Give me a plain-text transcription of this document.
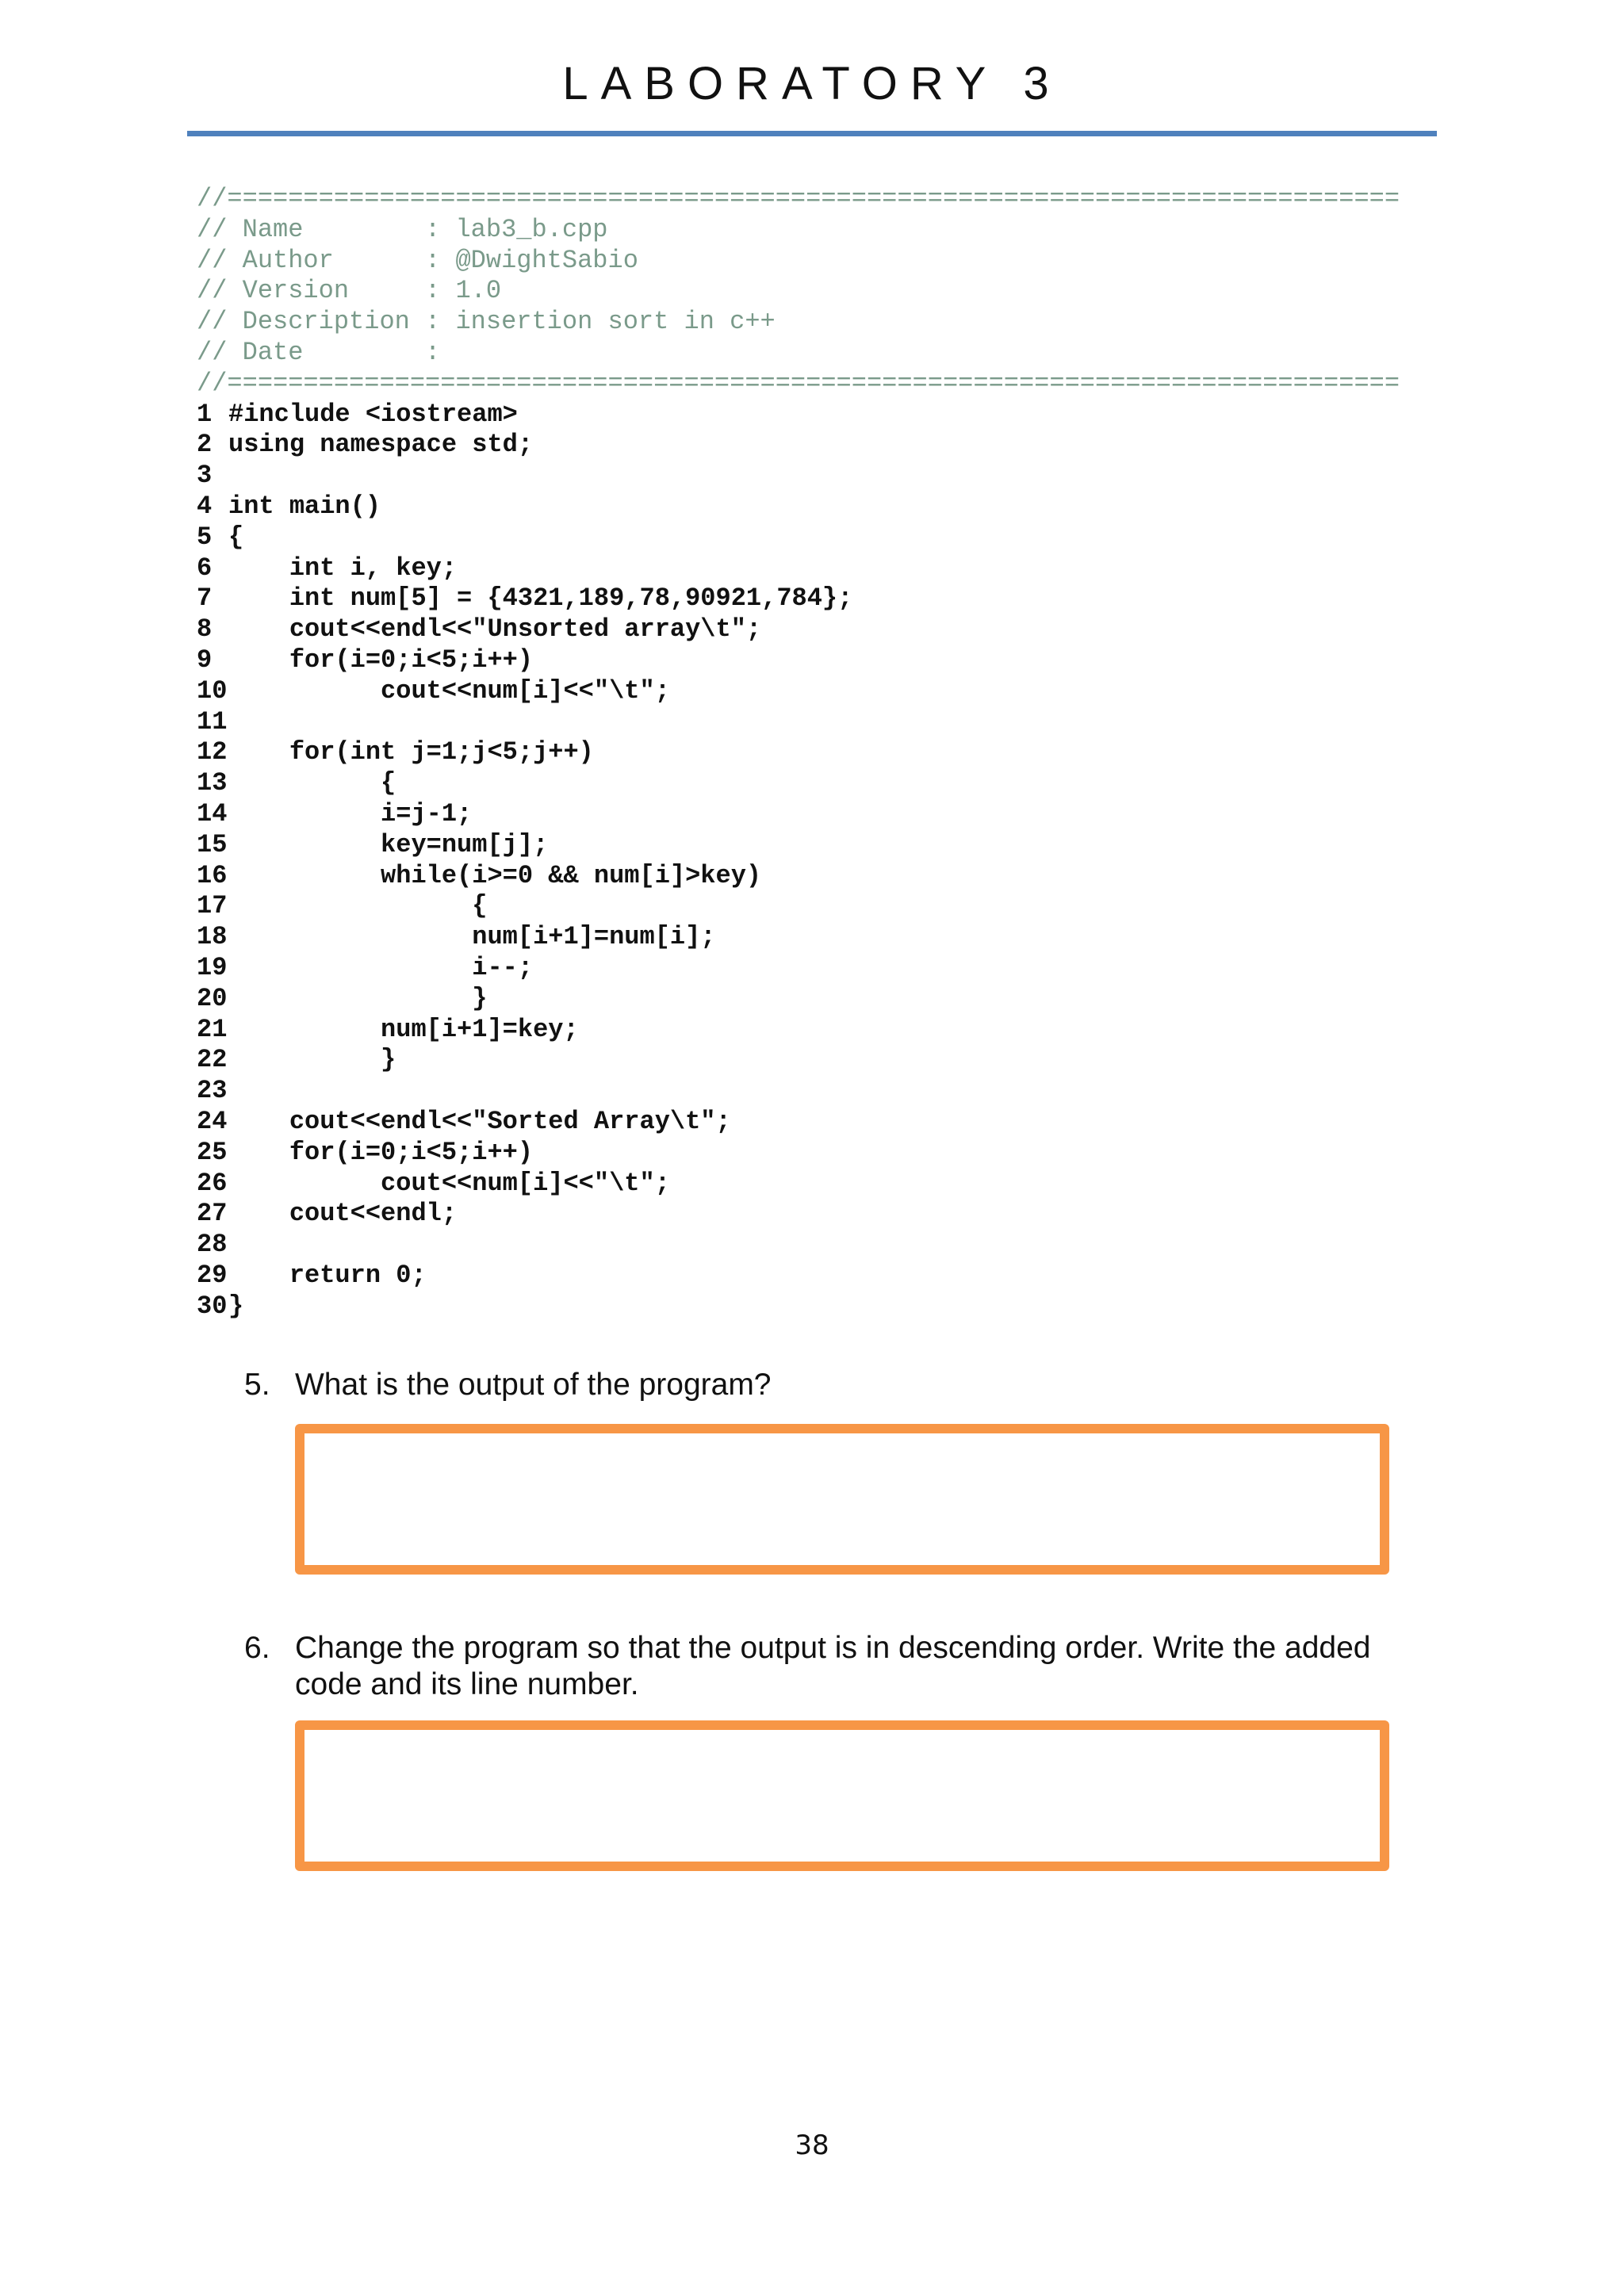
LABORATORY 3
//=============================================================================
// Name        : lab3_b.cpp
// Author      : @DwightSabio
// Version     : 1.0
// Description : insertion sort in c++
// Date        :
//=============================================================================
1 #include <iostream>
2 using namespace std;
3
4 int main()
5 {
6    int i, key;
7    int num[5] = {4321,189,78,90921,784};
8    cout<<endl<<"Unsorted array\t";
9    for(i=0;i<5;i++)
10          cout<<num[i]<<"\t";
11
12    for(int j=1;j<5;j++)
13          {
14          i=j-1;
15          key=num[j];
16          while(i>=0 && num[i]>key)
17                {
18                num[i+1]=num[i];
19                i--;
20                }
21          num[i+1]=key;
22          }
23
24    cout<<endl<<"Sorted Array\t";
25    for(i=0;i<5;i++)
26          cout<<num[i]<<"\t";
27    cout<<endl;
28
29    return 0;
30}
5. What is the output of the program?
6. Change the program so that the output is in descending order. Write the added code and its line number.
38
